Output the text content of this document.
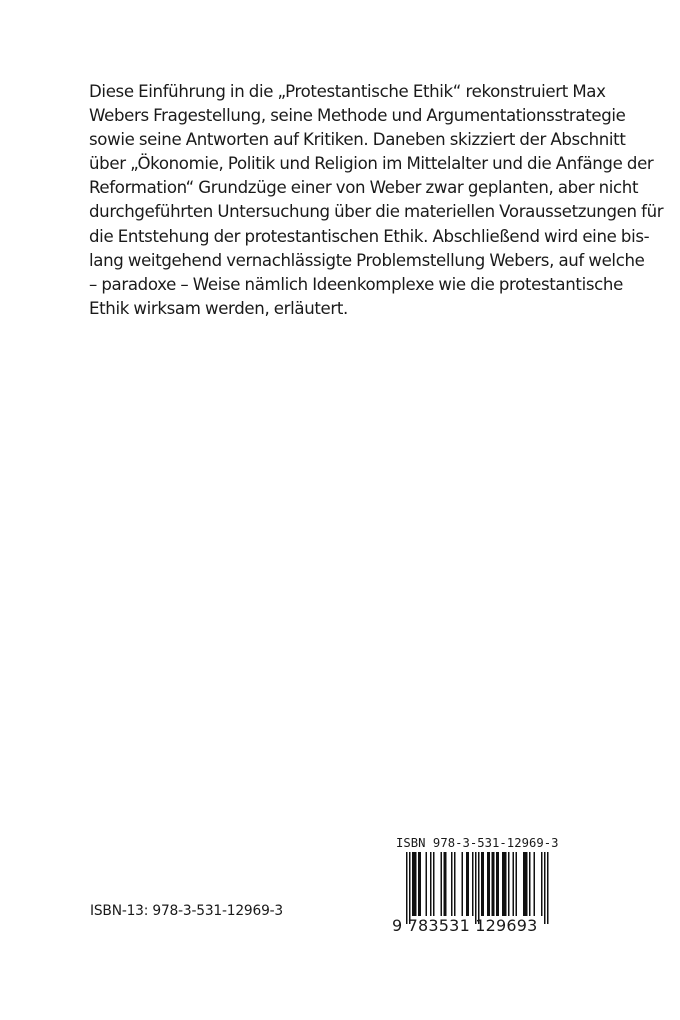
Diese Einführung in die „Protestantische Ethik“ rekonstruiert Max
Webers Fragestellung, seine Methode und Argumentationsstrategie
sowie seine Antworten auf Kritiken. Daneben skizziert der Abschnitt
über „Ökonomie, Politik und Religion im Mittelalter und die Anfänge der
Reformation“ Grundzüge einer von Weber zwar geplanten, aber nicht
durchgeführten Untersuchung über die materiellen Voraussetzungen für
die Entstehung der protestantischen Ethik. Abschließend wird eine bis-
lang weitgehend vernachlässigte Problemstellung Webers, auf welche
– paradoxe – Weise nämlich Ideenkomplexe wie die protestantische
Ethik wirksam werden, erläutert.
ISBN-13: 978-3-531-12969-3
ISBN 978-3-531-12969-3
9 783531 129693
